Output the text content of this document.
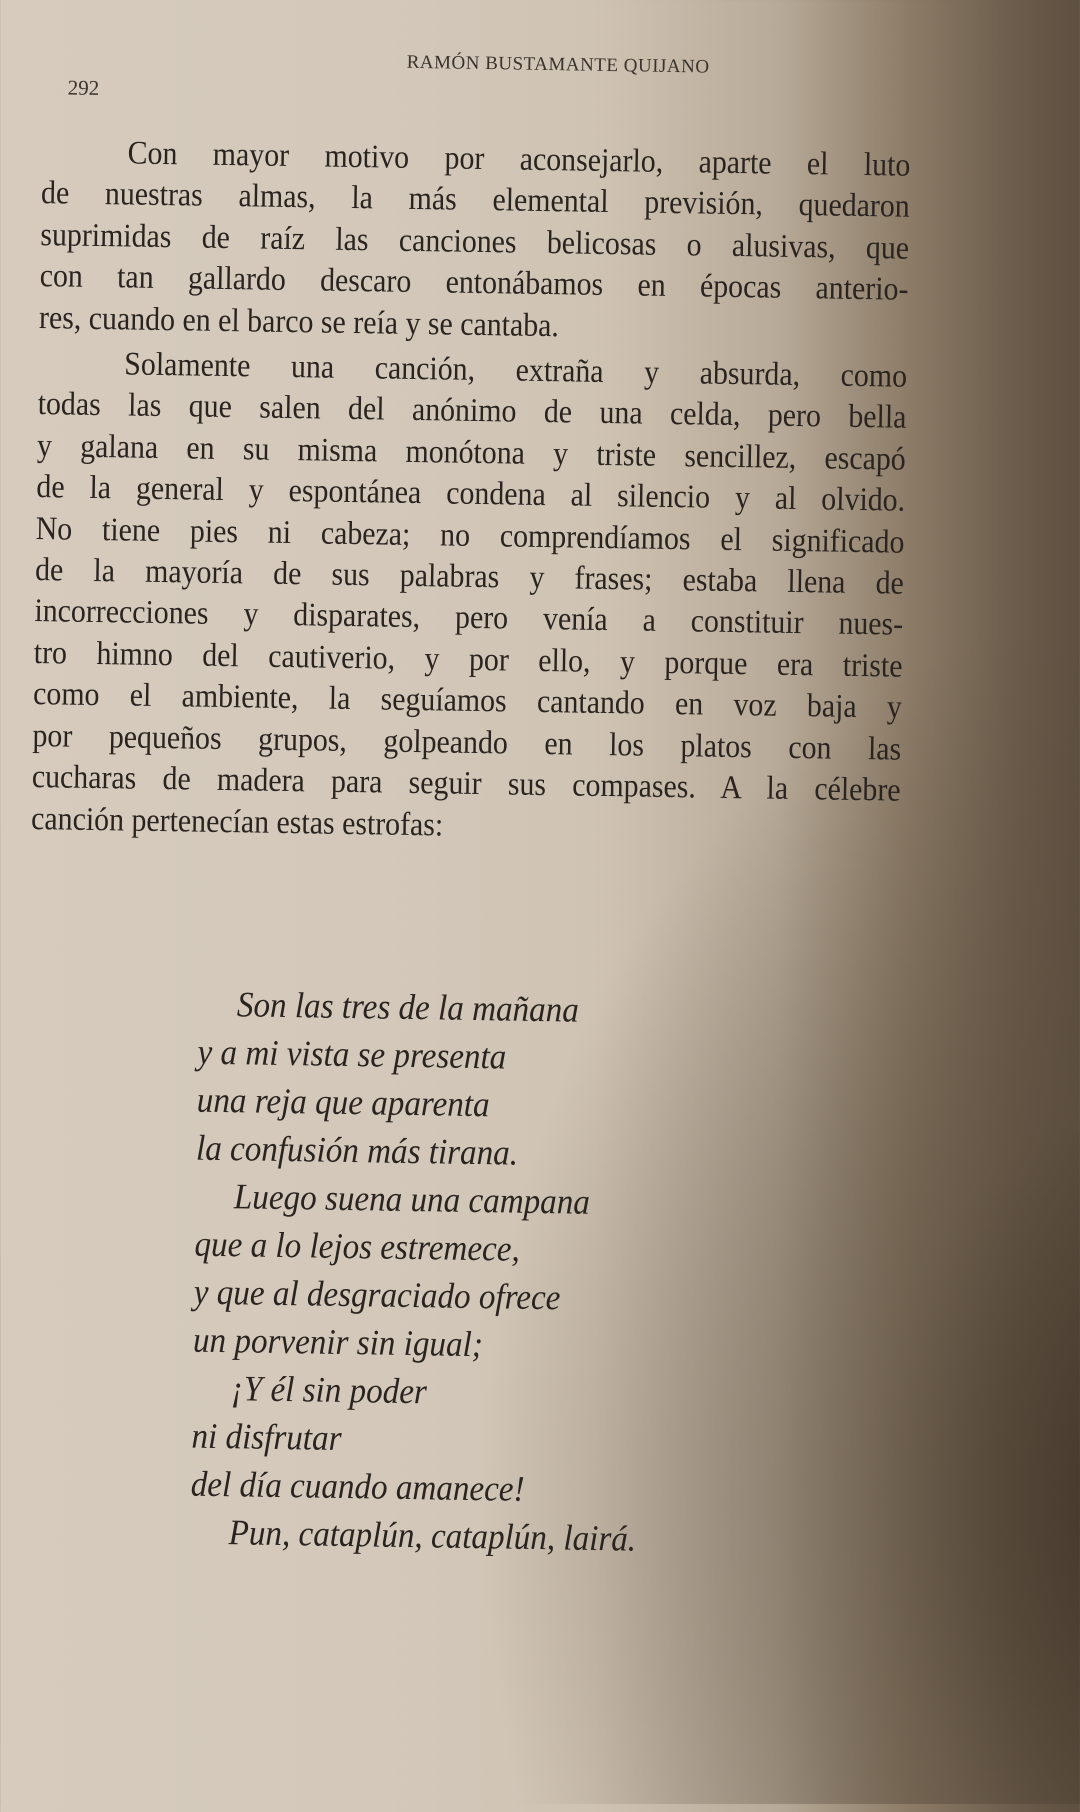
RAMÓN BUSTAMANTE QUIJANO
292

Con mayor motivo por aconsejarlo, aparte el luto
de nuestras almas, la más elemental previsión, quedaron
suprimidas de raíz las canciones belicosas o alusivas, que
con tan gallardo descaro entonábamos en épocas anterio-
res, cuando en el barco se reía y se cantaba.

Solamente una canción, extraña y absurda, como
todas las que salen del anónimo de una celda, pero bella
y galana en su misma monótona y triste sencillez, escapó
de la general y espontánea condena al silencio y al olvido.
No tiene pies ni cabeza; no comprendíamos el significado
de la mayoría de sus palabras y frases; estaba llena de
incorrecciones y disparates, pero venía a constituir nues-
tro himno del cautiverio, y por ello, y porque era triste
como el ambiente, la seguíamos cantando en voz baja y
por pequeños grupos, golpeando en los platos con las
cucharas de madera para seguir sus compases. A la célebre
canción pertenecían estas estrofas:

Son las tres de la mañana
y a mi vista se presenta
una reja que aparenta
la confusión más tirana.
Luego suena una campana
que a lo lejos estremece,
y que al desgraciado ofrece
un porvenir sin igual;
¡Y él sin poder
ni disfrutar
del día cuando amanece!
Pun, cataplún, cataplún, lairá.
